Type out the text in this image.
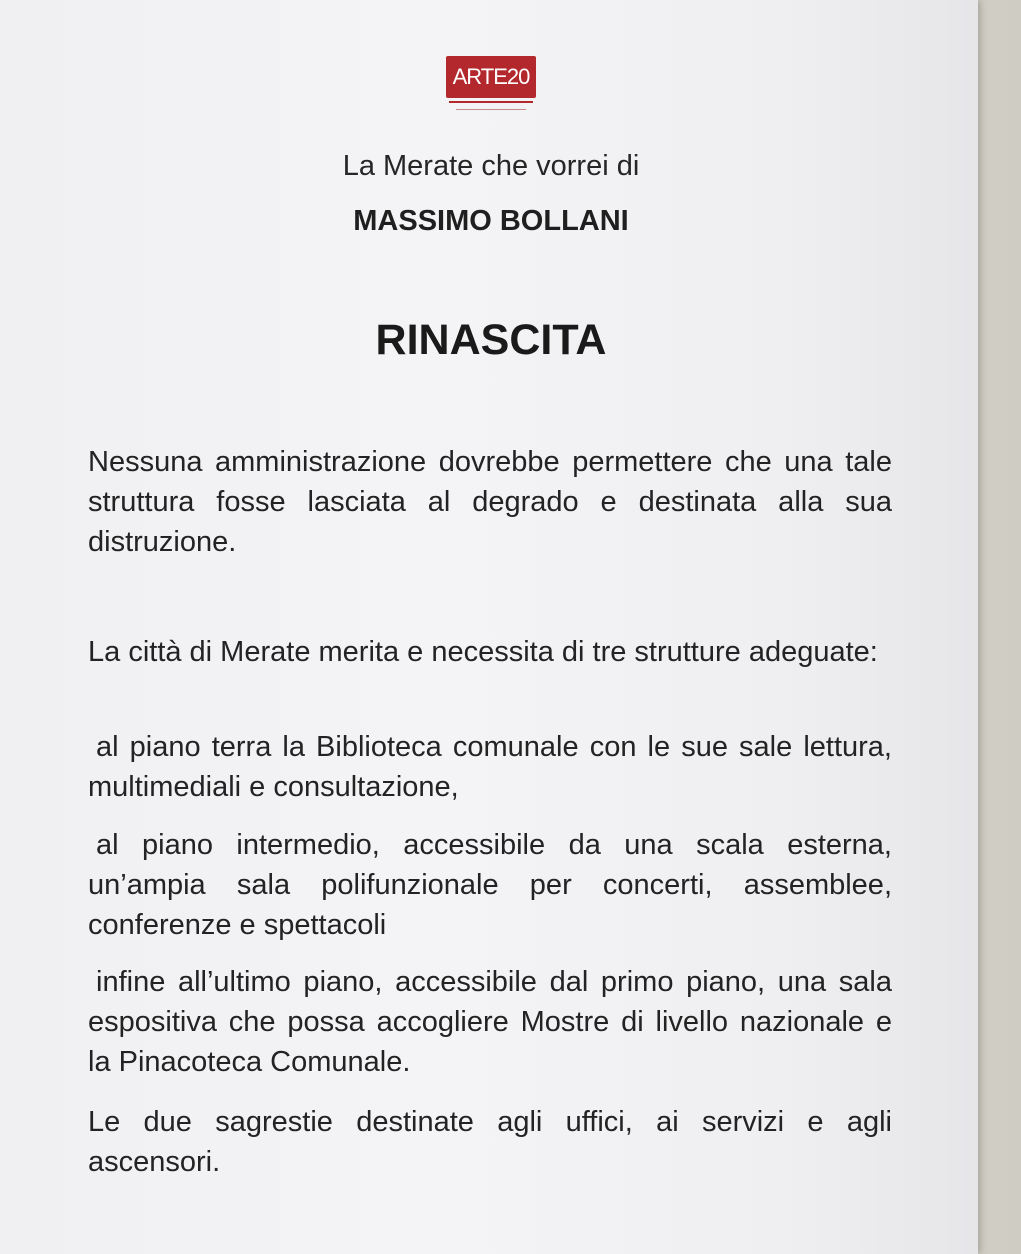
ARTE20
La Merate che vorrei di
MASSIMO BOLLANI
RINASCITA

Nessuna amministrazione dovrebbe permettere che una tale struttura fosse lasciata al degrado e destinata alla sua distruzione.

La città di Merate merita e necessita di tre strutture adeguate:

al piano terra la Biblioteca comunale con le sue sale lettura, multimediali e consultazione,

al piano intermedio, accessibile da una scala esterna, un’ampia sala polifunzionale per concerti, assemblee, conferenze e spettacoli

infine all’ultimo piano, accessibile dal primo piano, una sala espositiva che possa accogliere Mostre di livello nazionale e la Pinacoteca Comunale.

Le due sagrestie destinate agli uffici, ai servizi e agli ascensori.
